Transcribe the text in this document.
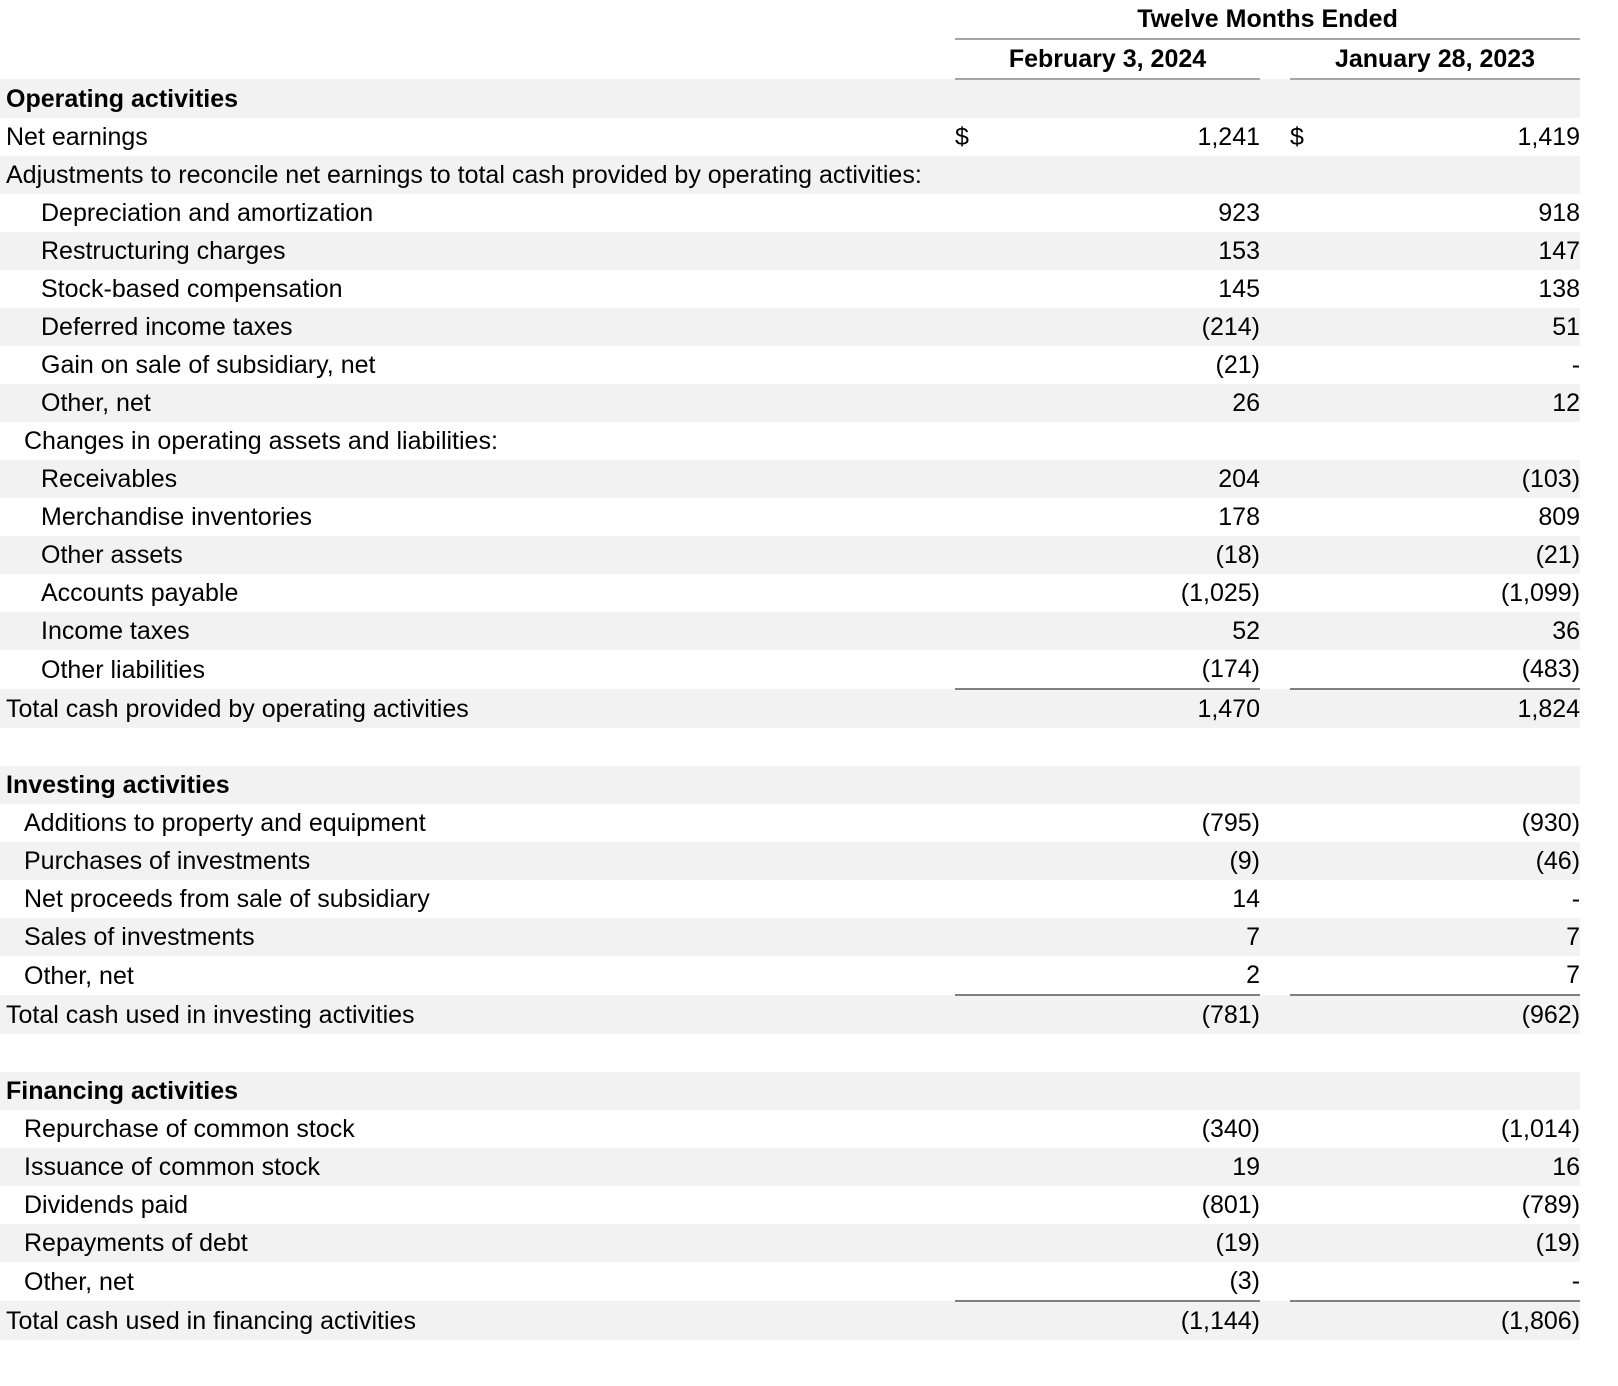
	Twelve Months Ended					
	February 3, 2024			January 28, 2023		

Operating activities						

Net earnings	$	1,241		$	1,419	

Adjustments to reconcile net earnings to total cash provided by operating activities:						

Depreciation and amortization		923			918	

Restructuring charges		153			147	

Stock-based compensation		145			138	

Deferred income taxes		(214)			51	

Gain on sale of subsidiary, net		(21)			-	

Other, net		26			12	

Changes in operating assets and liabilities:						

Receivables		204			(103)	

Merchandise inventories		178			809	

Other assets		(18)			(21)	

Accounts payable		(1,025)			(1,099)	

Income taxes		52			36	

Other liabilities		(174)			(483)	

Total cash provided by operating activities		1,470			1,824	

Investing activities						

Additions to property and equipment		(795)			(930)	

Purchases of investments		(9)			(46)	

Net proceeds from sale of subsidiary		14			-	

Sales of investments		7			7	

Other, net		2			7	

Total cash used in investing activities		(781)			(962)	

Financing activities						

Repurchase of common stock		(340)			(1,014)	

Issuance of common stock		19			16	

Dividends paid		(801)			(789)	

Repayments of debt		(19)			(19)	

Other, net		(3)			-	

Total cash used in financing activities		(1,144)			(1,806)	
